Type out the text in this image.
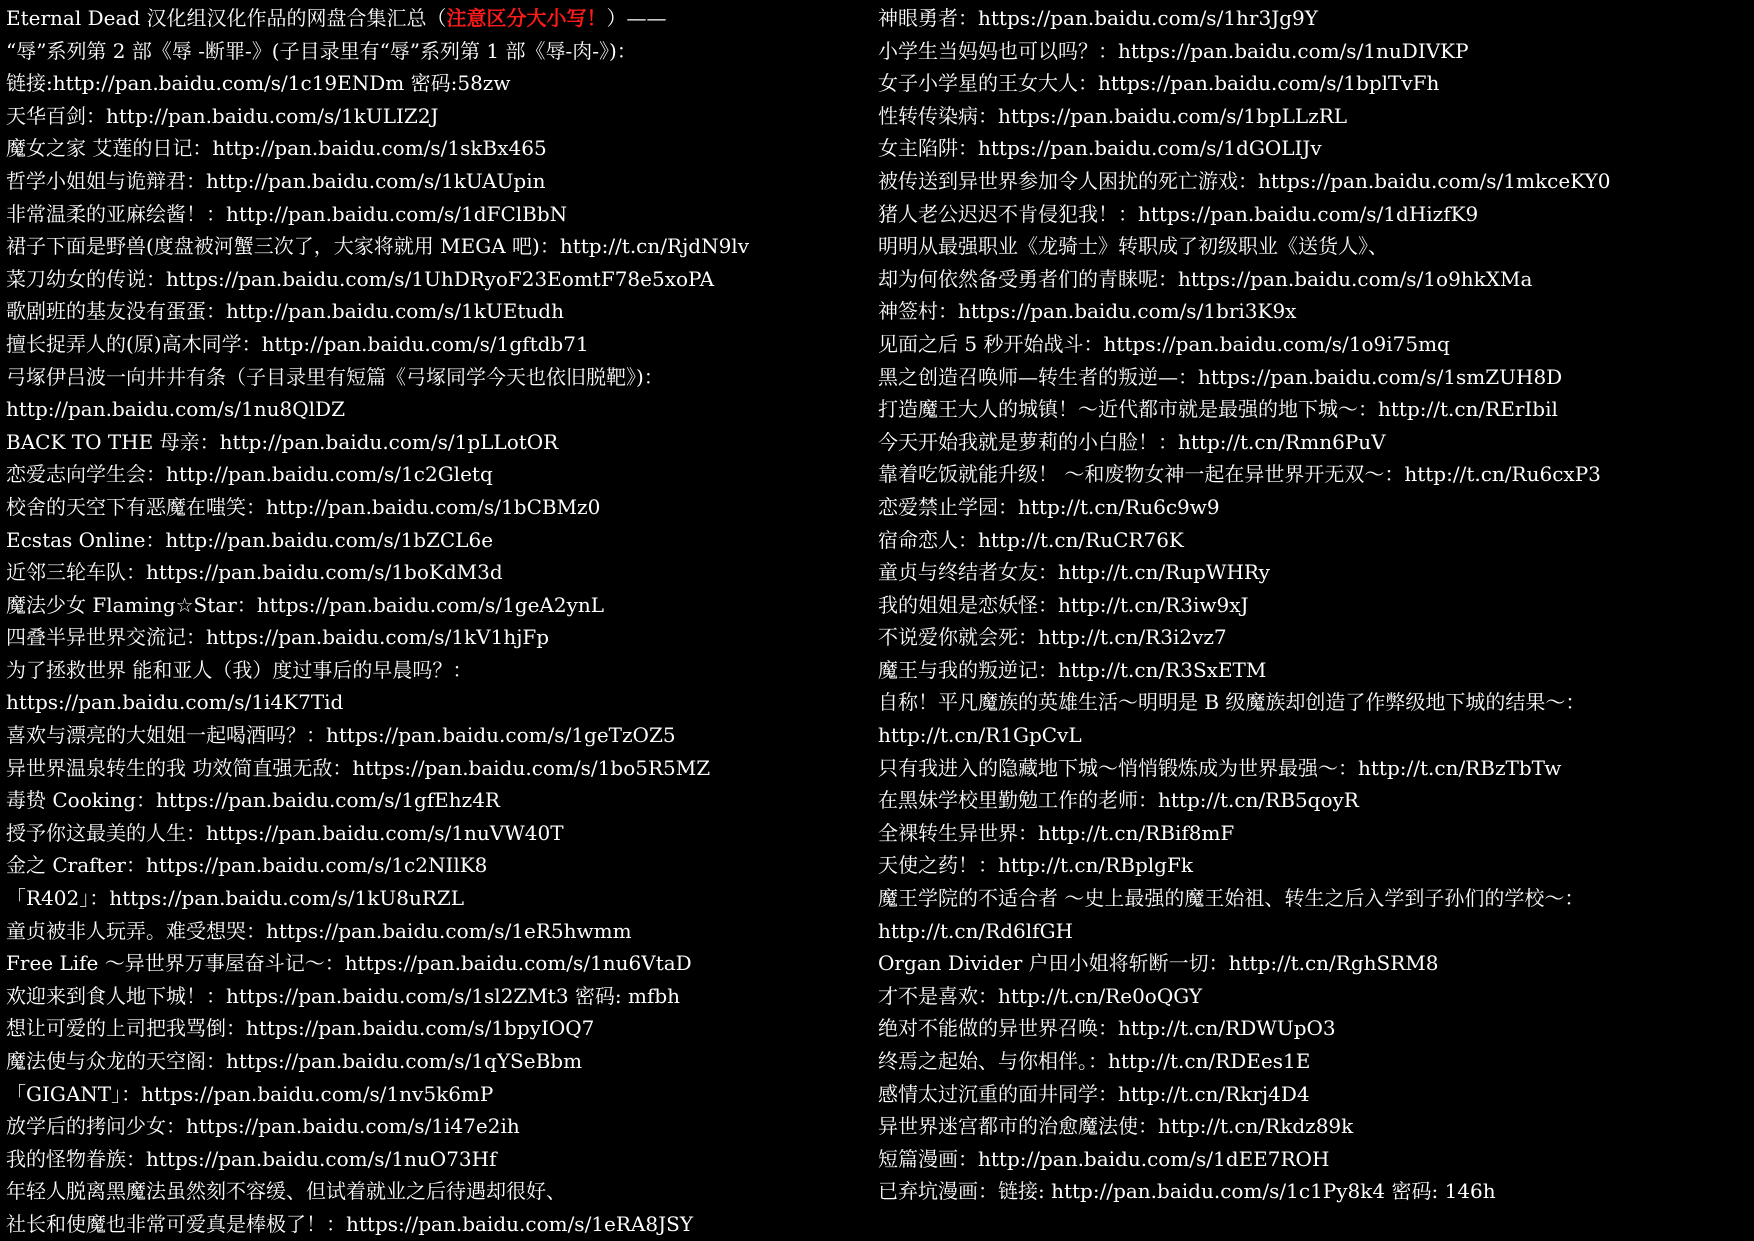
Eternal Dead 汉化组汉化作品的网盘合集汇总（注意区分大小写！）——
“辱”系列第 2 部《辱 -断罪-》(子目录里有“辱”系列第 1 部《辱-肉-》)：
链接:http://pan.baidu.com/s/1c19ENDm 密码:58zw
天华百剑：http://pan.baidu.com/s/1kULIZ2J
魔女之家 艾莲的日记：http://pan.baidu.com/s/1skBx465
哲学小姐姐与诡辩君：http://pan.baidu.com/s/1kUAUpin
非常温柔的亚麻绘酱！：http://pan.baidu.com/s/1dFClBbN
裙子下面是野兽(度盘被河蟹三次了，大家将就用 MEGA 吧)：http://t.cn/RjdN9lv
菜刀幼女的传说：https://pan.baidu.com/s/1UhDRyoF23EomtF78e5xoPA
歌剧班的基友没有蛋蛋：http://pan.baidu.com/s/1kUEtudh
擅长捉弄人的(原)高木同学：http://pan.baidu.com/s/1gftdb71
弓塚伊吕波一向井井有条（子目录里有短篇《弓塚同学今天也依旧脱靶》)：
http://pan.baidu.com/s/1nu8QlDZ
BACK TO THE 母亲：http://pan.baidu.com/s/1pLLotOR
恋爱志向学生会：http://pan.baidu.com/s/1c2Gletq
校舍的天空下有恶魔在嗤笑：http://pan.baidu.com/s/1bCBMz0
Ecstas Online：http://pan.baidu.com/s/1bZCL6e
近邻三轮车队：https://pan.baidu.com/s/1boKdM3d
魔法少女 Flaming☆Star：https://pan.baidu.com/s/1geA2ynL
四叠半异世界交流记：https://pan.baidu.com/s/1kV1hjFp
为了拯救世界 能和亚人（我）度过事后的早晨吗？：
https://pan.baidu.com/s/1i4K7Tid
喜欢与漂亮的大姐姐一起喝酒吗？：https://pan.baidu.com/s/1geTzOZ5
异世界温泉转生的我 功效简直强无敌：https://pan.baidu.com/s/1bo5R5MZ
毒贽 Cooking：https://pan.baidu.com/s/1gfEhz4R
授予你这最美的人生：https://pan.baidu.com/s/1nuVW40T
金之 Crafter：https://pan.baidu.com/s/1c2NIlK8
「R402」：https://pan.baidu.com/s/1kU8uRZL
童贞被非人玩弄。难受想哭：https://pan.baidu.com/s/1eR5hwmm
Free Life ～异世界万事屋奋斗记～：https://pan.baidu.com/s/1nu6VtaD
欢迎来到食人地下城！：https://pan.baidu.com/s/1sl2ZMt3 密码: mfbh
想让可爱的上司把我骂倒：https://pan.baidu.com/s/1bpyIOQ7
魔法使与众龙的天空阁：https://pan.baidu.com/s/1qYSeBbm
「GIGANT」：https://pan.baidu.com/s/1nv5k6mP
放学后的拷问少女：https://pan.baidu.com/s/1i47e2ih
我的怪物眷族：https://pan.baidu.com/s/1nuO73Hf
年轻人脱离黑魔法虽然刻不容缓、但试着就业之后待遇却很好、
社长和使魔也非常可爱真是棒极了！：https://pan.baidu.com/s/1eRA8JSY
神眼勇者：https://pan.baidu.com/s/1hr3Jg9Y
小学生当妈妈也可以吗？：https://pan.baidu.com/s/1nuDIVKP
女子小学星的王女大人：https://pan.baidu.com/s/1bplTvFh
性转传染病：https://pan.baidu.com/s/1bpLLzRL
女主陷阱：https://pan.baidu.com/s/1dGOLIJv
被传送到异世界参加令人困扰的死亡游戏：https://pan.baidu.com/s/1mkceKY0
猪人老公迟迟不肯侵犯我！：https://pan.baidu.com/s/1dHizfK9
明明从最强职业《龙骑士》转职成了初级职业《送货人》、
却为何依然备受勇者们的青睐呢：https://pan.baidu.com/s/1o9hkXMa
神签村：https://pan.baidu.com/s/1bri3K9x
见面之后 5 秒开始战斗：https://pan.baidu.com/s/1o9i75mq
黑之创造召唤师—转生者的叛逆—：https://pan.baidu.com/s/1smZUH8D
打造魔王大人的城镇！～近代都市就是最强的地下城～：http://t.cn/RErIbil
今天开始我就是萝莉的小白脸！：http://t.cn/Rmn6PuV
靠着吃饭就能升级！ ～和废物女神一起在异世界开无双～：http://t.cn/Ru6cxP3
恋爱禁止学园：http://t.cn/Ru6c9w9
宿命恋人：http://t.cn/RuCR76K
童贞与终结者女友：http://t.cn/RupWHRy
我的姐姐是恋妖怪：http://t.cn/R3iw9xJ
不说爱你就会死：http://t.cn/R3i2vz7
魔王与我的叛逆记：http://t.cn/R3SxETM
自称！平凡魔族的英雄生活～明明是 B 级魔族却创造了作弊级地下城的结果～：
http://t.cn/R1GpCvL
只有我进入的隐藏地下城～悄悄锻炼成为世界最强～：http://t.cn/RBzTbTw
在黑妹学校里勤勉工作的老师：http://t.cn/RB5qoyR
全裸转生异世界：http://t.cn/RBif8mF
天使之药！：http://t.cn/RBplgFk
魔王学院的不适合者 ～史上最强的魔王始祖、转生之后入学到子孙们的学校～：
http://t.cn/Rd6lfGH
Organ Divider 户田小姐将斩断一切：http://t.cn/RghSRM8
才不是喜欢：http://t.cn/Re0oQGY
绝对不能做的异世界召唤：http://t.cn/RDWUpO3
终焉之起始、与你相伴。：http://t.cn/RDEes1E
感情太过沉重的面井同学：http://t.cn/Rkrj4D4
异世界迷宫都市的治愈魔法使：http://t.cn/Rkdz89k
短篇漫画：http://pan.baidu.com/s/1dEE7ROH
已弃坑漫画：链接: http://pan.baidu.com/s/1c1Py8k4 密码: 146h
